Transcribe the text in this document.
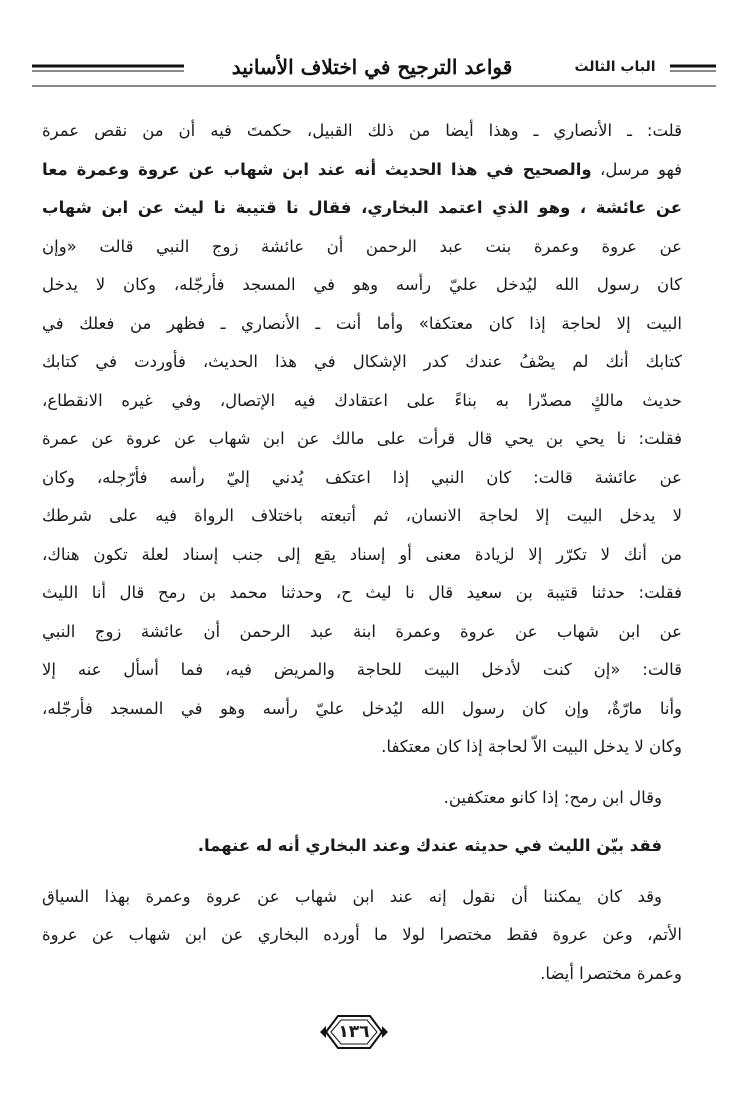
قواعد الترجيح في اختلاف الأسانيد	الباب الثالث
قلت: ـ الأنصاري ـ وهذا أيضا من ذلك القبيل، حكمتَ فيه أن من نقص عمرة
فهو مرسل، والصحيح في هذا الحديث أنه عند ابن شهاب عن عروة وعمرة معا
عن عائشة ، وهو الذي اعتمد البخاري، فقال نا قتيبة نا ليث عن ابن شهاب
عن عروة وعمرة بنت عبد الرحمن أن عائشة زوج النبي قالت «وإن
كان رسول الله ليُدخل عليّ رأسه وهو في المسجد فأرجّله، وكان لا يدخل
البيت إلا لحاجة إذا كان معتكفا» وأما أنت ـ الأنصاري ـ فظهر من فعلك في
كتابك أنك لم يصْفُ عندك كدر الإشكال في هذا الحديث، فأوردت في كتابك
حديث مالكٍ مصدّرا به بناءً على اعتقادك فيه الإتصال، وفي غيره الانقطاع،
فقلت: نا يحي بن يحي قال قرأت على مالك عن ابن شهاب عن عروة عن عمرة
عن عائشة قالت: كان النبي إذا اعتكف يُدني إليّ رأسه فأرّجله، وكان
لا يدخل البيت إلا لحاجة الانسان، ثم أتبعته باختلاف الرواة فيه على شرطك
من أنك لا تكرّر إلا لزيادة معنى أو إسناد يقع إلى جنب إسناد لعلة تكون هناك،
فقلت: حدثنا قتيبة بن سعيد قال نا ليث ح، وحدثنا محمد بن رمح قال أنا الليث
عن ابن شهاب عن عروة وعمرة ابنة عبد الرحمن أن عائشة زوج النبي
قالت: «إن كنت لأدخل البيت للحاجة والمريض فيه، فما أسأل عنه إلا
وأنا مارّةٌ، وإن كان رسول الله ليُدخل عليّ رأسه وهو في المسجد فأرجّله،
وكان لا يدخل البيت الاّ لحاجة إذا كان معتكفا.
وقال ابن رمح: إذا كانو معتكفين.
فقد بيّن الليث في حديثه عندك وعند البخاري أنه له عنهما.
وقد كان يمكننا أن نقول إنه عند ابن شهاب عن عروة وعمرة بهذا السياق
الأتم، وعن عروة فقط مختصرا لولا ما أورده البخاري عن ابن شهاب عن عروة
وعمرة مختصرا أيضا.
١٣٦
